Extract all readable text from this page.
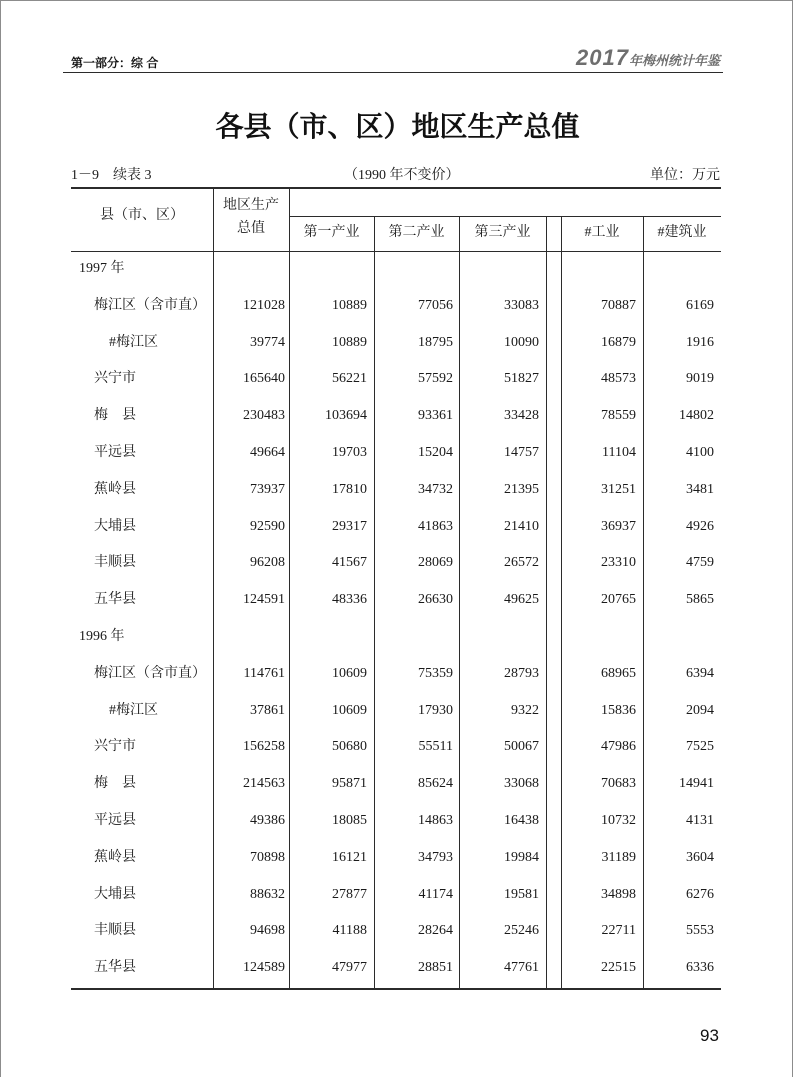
第一部分：综 合	2017年梅州统计年鉴
各县（市、区）地区生产总值
1－9　续表 3	（1990 年不变价）	单位：万元
县（市、区）
地区生产
总值	第一产业	第二产业	第三产业	#工业	#建筑业
1997 年
梅江区（含市直）	121028	10889	77056	33083	70887	6169
#梅江区	39774	10889	18795	10090	16879	1916
兴宁市	165640	56221	57592	51827	48573	9019
梅　县	230483	103694	93361	33428	78559	14802
平远县	49664	19703	15204	14757	11104	4100
蕉岭县	73937	17810	34732	21395	31251	3481
大埔县	92590	29317	41863	21410	36937	4926
丰顺县	96208	41567	28069	26572	23310	4759
五华县	124591	48336	26630	49625	20765	5865
1996 年
梅江区（含市直）	114761	10609	75359	28793	68965	6394
#梅江区	37861	10609	17930	9322	15836	2094
兴宁市	156258	50680	55511	50067	47986	7525
梅　县	214563	95871	85624	33068	70683	14941
平远县	49386	18085	14863	16438	10732	4131
蕉岭县	70898	16121	34793	19984	31189	3604
大埔县	88632	27877	41174	19581	34898	6276
丰顺县	94698	41188	28264	25246	22711	5553
五华县	124589	47977	28851	47761	22515	6336
93
